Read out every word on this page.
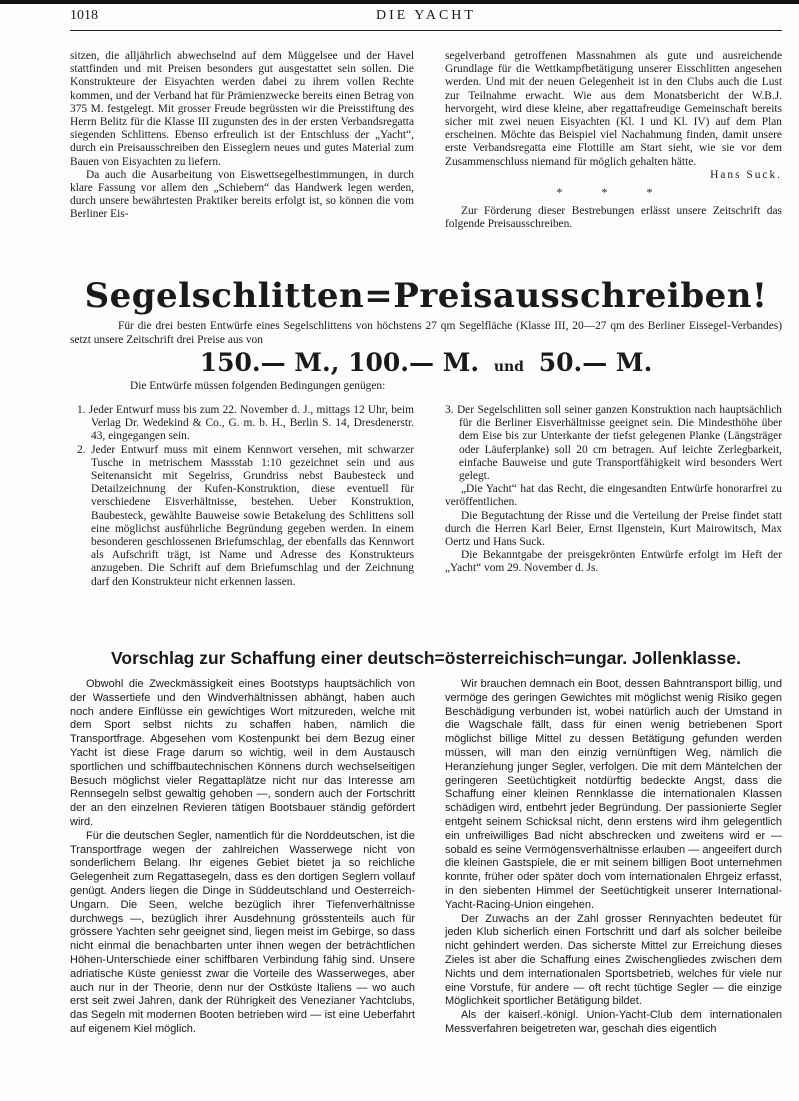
1018	DIE YACHT

sitzen, die alljährlich abwechselnd auf dem Müggelsee und der Havel stattfinden und mit Preisen besonders gut ausgestattet sein sollen. Die Konstrukteure der Eisyachten werden dabei zu ihrem vollen Rechte kommen, und der Verband hat für Prämienzwecke bereits einen Betrag von 375 M. festgelegt. Mit grosser Freude begrüssten wir die Preisstiftung des Herrn Belitz für die Klasse III zugunsten des in der ersten Verbandsregatta siegenden Schlittens. Ebenso erfreulich ist der Entschluss der „Yacht“, durch ein Preisausschreiben den Eisseglern neues und gutes Material zum Bauen von Eisyachten zu liefern.

Da auch die Ausarbeitung von Eiswettsegelbestimmungen, in durch klare Fassung vor allem den „Schiebern“ das Handwerk legen werden, durch unsere bewährtesten Praktiker bereits erfolgt ist, so können die vom Berliner Eis-

segelverband getroffenen Massnahmen als gute und ausreichende Grundlage für die Wettkampfbetätigung unserer Eisschlitten angesehen werden. Und mit der neuen Gelegenheit ist in den Clubs auch die Lust zur Teilnahme erwacht. Wie aus dem Monatsbericht der W.B.J. hervorgeht, wird diese kleine, aber regattafreudige Gemeinschaft bereits sicher mit zwei neuen Eisyachten (Kl. I und Kl. IV) auf dem Plan erscheinen. Möchte das Beispiel viel Nachahmung finden, damit unsere erste Verbandsregatta eine Flottille am Start sieht, wie sie vor dem Zusammenschluss niemand für möglich gehalten hätte.

Hans Suck.
* * *

Zur Förderung dieser Bestrebungen erlässt unsere Zeitschrift das folgende Preisausschreiben.

Segelschlitten=Preisausschreiben!
Für die drei besten Entwürfe eines Segelschlittens von höchstens 27 qm Segelfläche (Klasse III, 20—27 qm des Berliner Eissegel-Verbandes) setzt unsere Zeitschrift drei Preise aus von
150.— M., 100.— M. und 50.— M.
Die Entwürfe müssen folgenden Bedingungen genügen:
1. Jeder Entwurf muss bis zum 22. November d. J., mittags 12 Uhr, beim Verlag Dr. Wedekind & Co., G. m. b. H., Berlin S. 14, Dresdenerstr. 43, eingegangen sein.
2. Jeder Entwurf muss mit einem Kennwort versehen, mit schwarzer Tusche in metrischem Massstab 1:10 gezeichnet sein und aus Seitenansicht mit Segelriss, Grundriss nebst Baubesteck und Detailzeichnung der Kufen-Konstruktion, diese eventuell für verschiedene Eisverhältnisse, bestehen. Ueber Konstruktion, Baubesteck, gewählte Bauweise sowie Betakelung des Schlittens soll eine möglichst ausführliche Begründung gegeben werden. In einem besonderen geschlossenen Briefumschlag, der ebenfalls das Kennwort als Aufschrift trägt, ist Name und Adresse des Konstrukteurs anzugeben. Die Schrift auf dem Briefumschlag und der Zeichnung darf den Konstrukteur nicht erkennen lassen.
3. Der Segelschlitten soll seiner ganzen Konstruktion nach hauptsächlich für die Berliner Eisverhältnisse geeignet sein. Die Mindesthöhe über dem Eise bis zur Unterkante der tiefst gelegenen Planke (Längsträger oder Läuferplanke) soll 20 cm betragen. Auf leichte Zerlegbarkeit, einfache Bauweise und gute Transportfähigkeit wird besonders Wert gelegt.

„Die Yacht“ hat das Recht, die eingesandten Entwürfe honorarfrei zu veröffentlichen.

Die Begutachtung der Risse und die Verteilung der Preise findet statt durch die Herren Karl Beier, Ernst Ilgenstein, Kurt Mairowitsch, Max Oertz und Hans Suck.

Die Bekanntgabe der preisgekrönten Entwürfe erfolgt im Heft der „Yacht“ vom 29. November d. Js.

Vorschlag zur Schaffung einer deutsch=österreichisch=ungar. Jollenklasse.

Obwohl die Zweckmässigkeit eines Bootstyps hauptsächlich von der Wassertiefe und den Windverhältnissen abhängt, haben auch noch andere Einflüsse ein gewichtiges Wort mitzureden, welche mit dem Sport selbst nichts zu schaffen haben, nämlich die Transportfrage. Abgesehen vom Kostenpunkt bei dem Bezug einer Yacht ist diese Frage darum so wichtig, weil in dem Austausch sportlichen und schiffbautechnischen Könnens durch wechselseitigen Besuch möglichst vieler Regattaplätze nicht nur das Interesse am Rennsegeln selbst gewaltig gehoben —, sondern auch der Fortschritt der an den einzelnen Revieren tätigen Bootsbauer ständig gefördert wird.

Für die deutschen Segler, namentlich für die Norddeutschen, ist die Transportfrage wegen der zahlreichen Wasserwege nicht von sonderlichem Belang. Ihr eigenes Gebiet bietet ja so reichliche Gelegenheit zum Regattasegeln, dass es den dortigen Seglern vollauf genügt. Anders liegen die Dinge in Süddeutschland und Oesterreich-Ungarn. Die Seen, welche bezüglich ihrer Tiefenverhältnisse durchwegs —, bezüglich ihrer Ausdehnung grösstenteils auch für grössere Yachten sehr geeignet sind, liegen meist im Gebirge, so dass nicht einmal die benachbarten unter ihnen wegen der beträchtlichen Höhen-Unterschiede einer schiffbaren Verbindung fähig sind. Unsere adriatische Küste geniesst zwar die Vorteile des Wasserweges, aber auch nur in der Theorie, denn nur der Ostküste Italiens — wo auch erst seit zwei Jahren, dank der Rührigkeit des Venezianer Yachtclubs, das Segeln mit modernen Booten betrieben wird — ist eine Ueberfahrt auf eigenem Kiel möglich.

Wir brauchen demnach ein Boot, dessen Bahntransport billig, und vermöge des geringen Gewichtes mit möglichst wenig Risiko gegen Beschädigung verbunden ist, wobei natürlich auch der Umstand in die Wagschale fällt, dass für einen wenig betriebenen Sport möglichst billige Mittel zu dessen Betätigung gefunden werden müssen, will man den einzig vernünftigen Weg, nämlich die Heranziehung junger Segler, verfolgen. Die mit dem Mäntelchen der geringeren Seetüchtigkeit notdürftig bedeckte Angst, dass die Schaffung einer kleinen Rennklasse die internationalen Klassen schädigen wird, entbehrt jeder Begründung. Der passionierte Segler entgeht seinem Schicksal nicht, denn erstens wird ihm gelegentlich ein unfreiwilliges Bad nicht abschrecken und zweitens wird er — sobald es seine Vermögensverhältnisse erlauben — angeeifert durch die kleinen Gastspiele, die er mit seinem billigen Boot unternehmen konnte, früher oder später doch vom internationalen Ehrgeiz erfasst, in den siebenten Himmel der Seetüchtigkeit unserer International-Yacht-Racing-Union eingehen.

Der Zuwachs an der Zahl grosser Rennyachten bedeutet für jeden Klub sicherlich einen Fortschritt und darf als solcher beileibe nicht gehindert werden. Das sicherste Mittel zur Erreichung dieses Zieles ist aber die Schaffung eines Zwischengliedes zwischen dem Nichts und dem internationalen Sportsbetrieb, welches für viele nur eine Vorstufe, für andere — oft recht tüchtige Segler — die einzige Möglichkeit sportlicher Betätigung bildet.

Als der kaiserl.-königl. Union-Yacht-Club dem internationalen Messverfahren beigetreten war, geschah dies eigentlich
